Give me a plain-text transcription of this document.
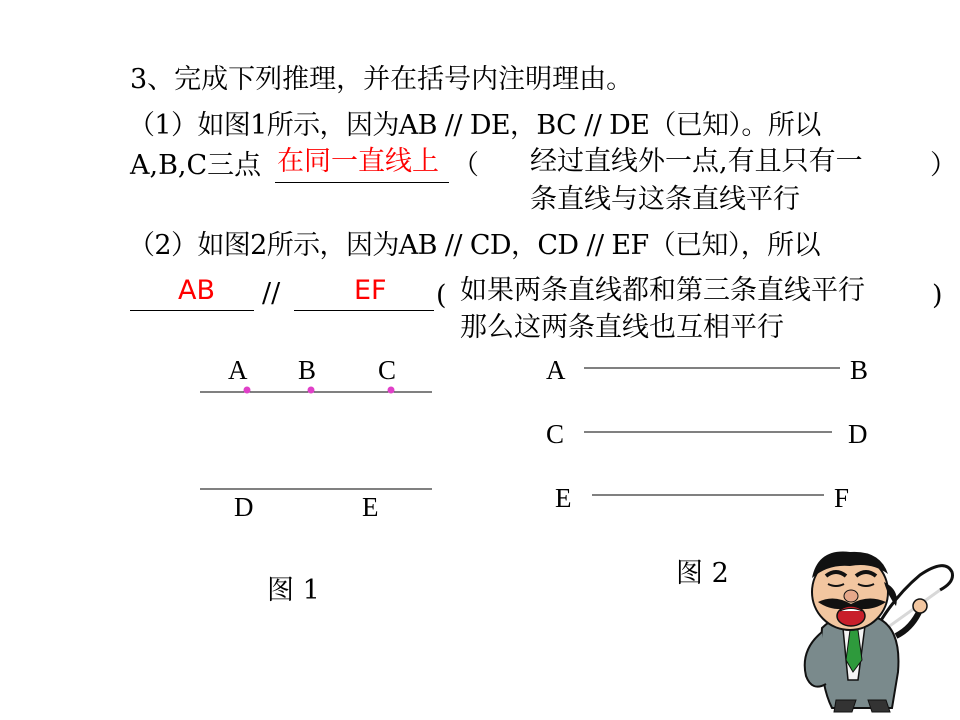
3、完成下列推理，并在括号内注明理由。
（1）如图1所示，因为AB // DE，BC // DE（已知）。所以
A,B,C三点 在同一直线上 （ 经过直线外一点,有且只有一 ）
条直线与这条直线平行
（2）如图2所示，因为AB // CD，CD // EF（已知），所以
AB //	EF ( 如果两条直线都和第三条直线平行 )
那么这两条直线也互相平行
A B C
D	E
图 1
A	B
C	D
E	F
图 2
